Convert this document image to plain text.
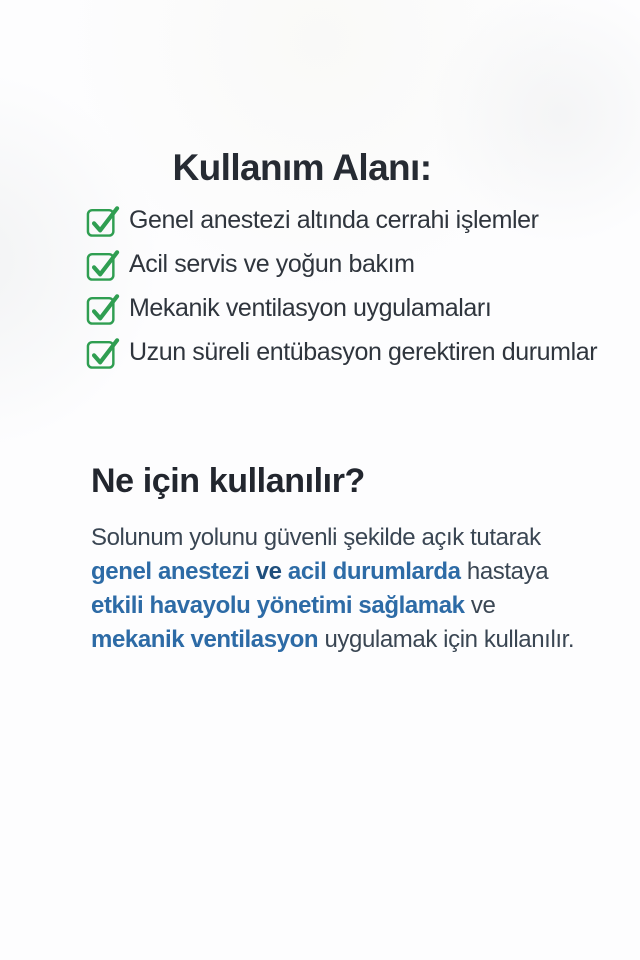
Kullanım Alanı:
Genel anestezi altında cerrahi işlemler
Acil servis ve yoğun bakım
Mekanik ventilasyon uygulamaları
Uzun süreli entübasyon gerektiren durumlar
Ne için kullanılır?
Solunum yolunu güvenli şekilde açık tutarak
genel anestezi ve acil durumlarda hastaya
etkili havayolu yönetimi sağlamak ve
mekanik ventilasyon uygulamak için kullanılır.
